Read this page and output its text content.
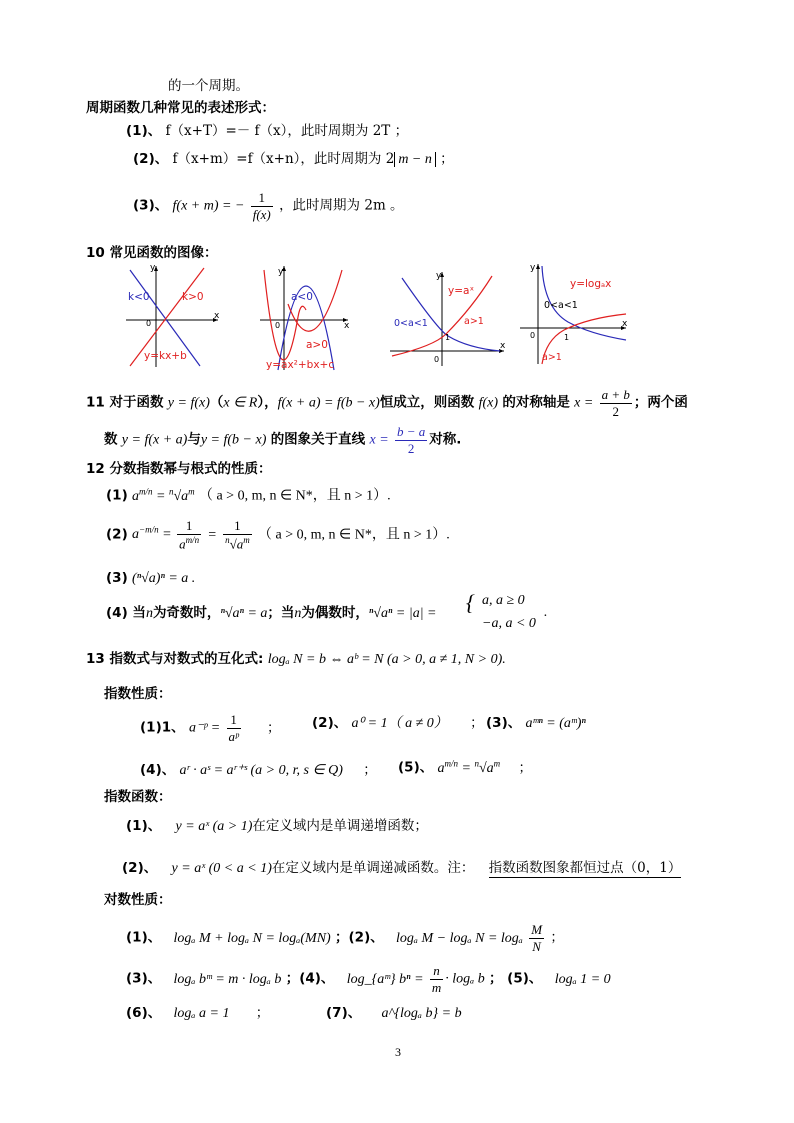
的一个周期。
周期函数几种常见的表述形式：
(1)、 f（x+T）=－ f（x），此时周期为 2T ；
(2)、 f（x+m）=f（x+n），此时周期为 2 m − n ；
(3)、 f(x + m) = − $\frac{1}{f(x)}$ ，此时周期为 2m 。
10 常见函数的图像：
y
x
0
k<0	k>0
y=kx+b
y
x
0
a<0
a>0
y=ax²+bx+c
y
x
0
1
y=aˣ
0<a<1	a>1
y
x
0	1
y=logₐx
0<a<1
a>1
11 对于函数 y = f(x)（x ∈ R），f(x + a) = f(b − x)恒成立，则函数 f(x) 的对称轴是 $x = \frac{a + b}{2}$ ；两个函
数 y = f(x + a)与y = f(b − x) 的图象关于直线 $x = \frac{b - a}{2}$ 对称.
12 分数指数幂与根式的性质：
(1) $a^{m/n} = ^n√a^m$ （ a > 0, m, n ∈ N*，且 n > 1）.
(2) $a^{-m/n} = \frac{1}{a^{m/n}} = \frac{1}{^n√a^m}$ （ a > 0, m, n ∈ N*，且 n > 1）.
(3) (ⁿ√a)ⁿ = a .
(4) 当n为奇数时，ⁿ√aⁿ = a；当n为偶数时，ⁿ√aⁿ = |a| = { a, a ≥ 0
−a, a < 0
.
13 指数式与对数式的互化式: logₐ N = b ⇔ aᵇ = N (a > 0, a ≠ 1, N > 0).
指数性质：
(1)1、 a⁻ᵖ = $\frac{1}{\text{aᵖ}}$ ； (2)、 a⁰ = 1（ a ≠ 0） ； (3)、 aᵐⁿ = (aᵐ)ⁿ
(4)、 aʳ · aˢ = aʳ⁺ˢ (a > 0, r, s ∈ Q) ； (5)、 $a^{m/n} = ^n√a^m$ ；
指数函数：
(1)、 y = aˣ (a > 1)在定义域内是单调递增函数；
(2)、 y = aˣ (0 < a < 1)在定义域内是单调递减函数。注： 指数函数图象都恒过点（0，1）
对数性质：
(1)、 logₐ M + logₐ N = logₐ(MN) ；(2)、 logₐ M − logₐ N = logₐ $\frac{M}{N}$ ；
(3)、 logₐ bᵐ = m · logₐ b ；(4)、 log_{aᵐ} $b^n = \frac{n}{m} \cdot \log_a$ b ； (5)、 logₐ 1 = 0
(6)、 logₐ a = 1 ；	(7)、 a^{logₐ b} = b
3
